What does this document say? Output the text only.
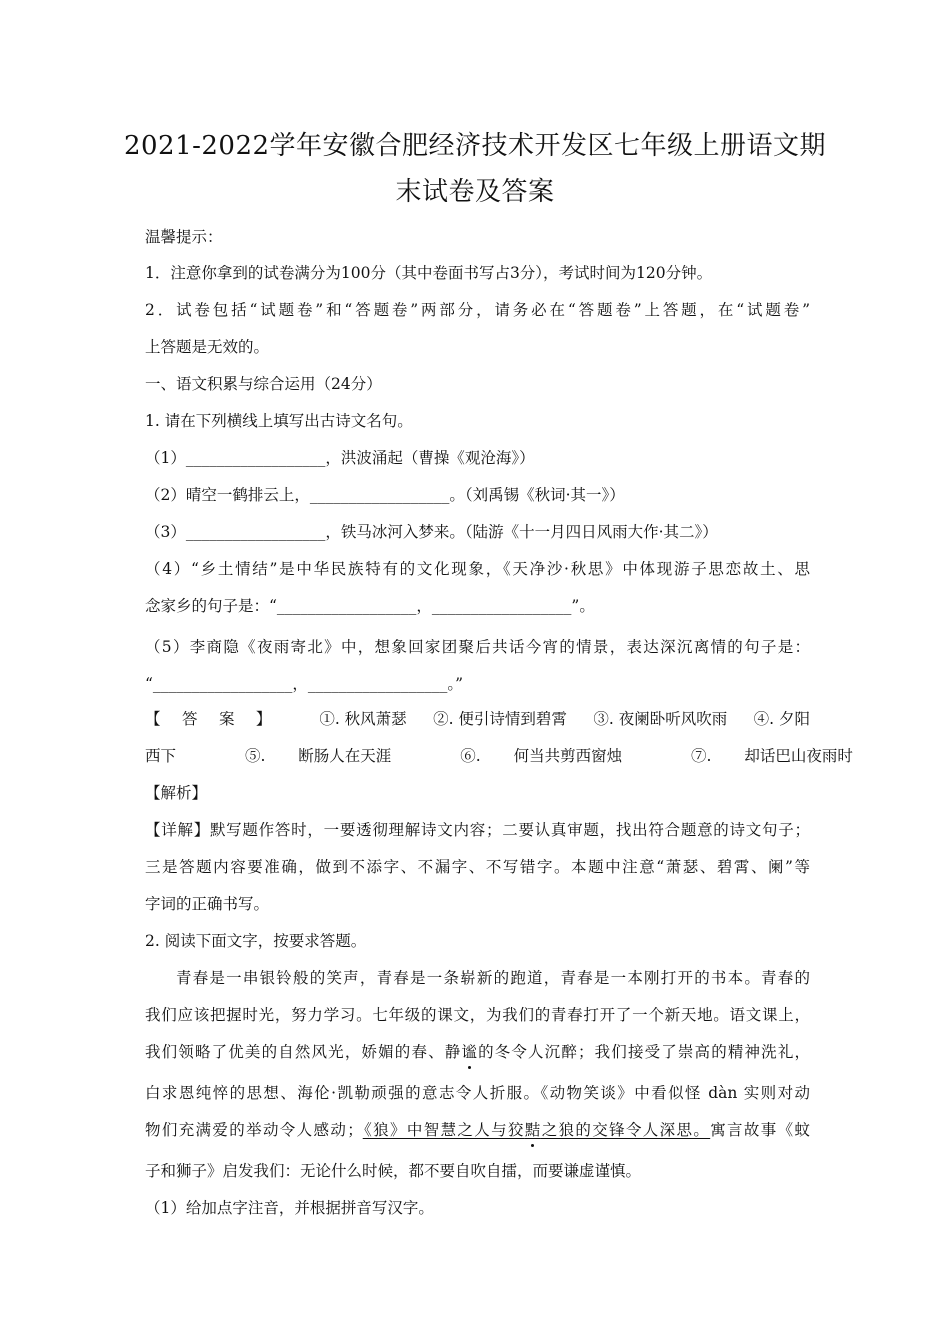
2021-2022学年安徽合肥经济技术开发区七年级上册语文期
末试卷及答案
温馨提示：
1．注意你拿到的试卷满分为100分（其中卷面书写占3分），考试时间为120分钟。
2．试卷包括“试题卷”和“答题卷”两部分，请务必在“答题卷”上答题，在“试题卷”
上答题是无效的。
一、语文积累与综合运用（24分）
1. 请在下列横线上填写出古诗文名句。
（1）__________________，洪波涌起（曹操《观沧海》）
（2）晴空一鹤排云上，__________________。（刘禹锡《秋词·其一》）
（3）__________________，铁马冰河入梦来。（陆游《十一月四日风雨大作·其二》）
（4）“乡土情结”是中华民族特有的文化现象，《天净沙·秋思》中体现游子思恋故土、思
念家乡的句子是：“__________________，__________________”。
（5）李商隐《夜雨寄北》中，想象回家团聚后共话今宵的情景，表达深沉离情的句子是：
“__________________，__________________。”
【答案】 ①. 秋风萧瑟 ②. 便引诗情到碧霄 ③. 夜阑卧听风吹雨 ④. 夕阳
西下	⑤. 断肠人在天涯	⑥. 何当共剪西窗烛	⑦. 却话巴山夜雨时
【解析】
【详解】默写题作答时，一要透彻理解诗文内容；二要认真审题，找出符合题意的诗文句子；
三是答题内容要准确，做到不添字、不漏字、不写错字。本题中注意“萧瑟、碧霄、阑”等
字词的正确书写。
2. 阅读下面文字，按要求答题。
青春是一串银铃般的笑声，青春是一条崭新的跑道，青春是一本刚打开的书本。青春的
我们应该把握时光，努力学习。七年级的课文，为我们的青春打开了一个新天地。语文课上，
我们领略了优美的自然风光，娇媚的春、静谧的冬令人沉醉；我们接受了崇高的精神洗礼，
白求恩纯悴的思想、海伦·凯勒顽强的意志令人折服。《动物笑谈》中看似怪 dàn 实则对动
物们充满爱的举动令人感动；《狼》中智慧之人与狡黠之狼的交锋令人深思。寓言故事《蚊
子和狮子》启发我们：无论什么时候，都不要自吹自擂，而要谦虚谨慎。
（1）给加点字注音，并根据拼音写汉字。
